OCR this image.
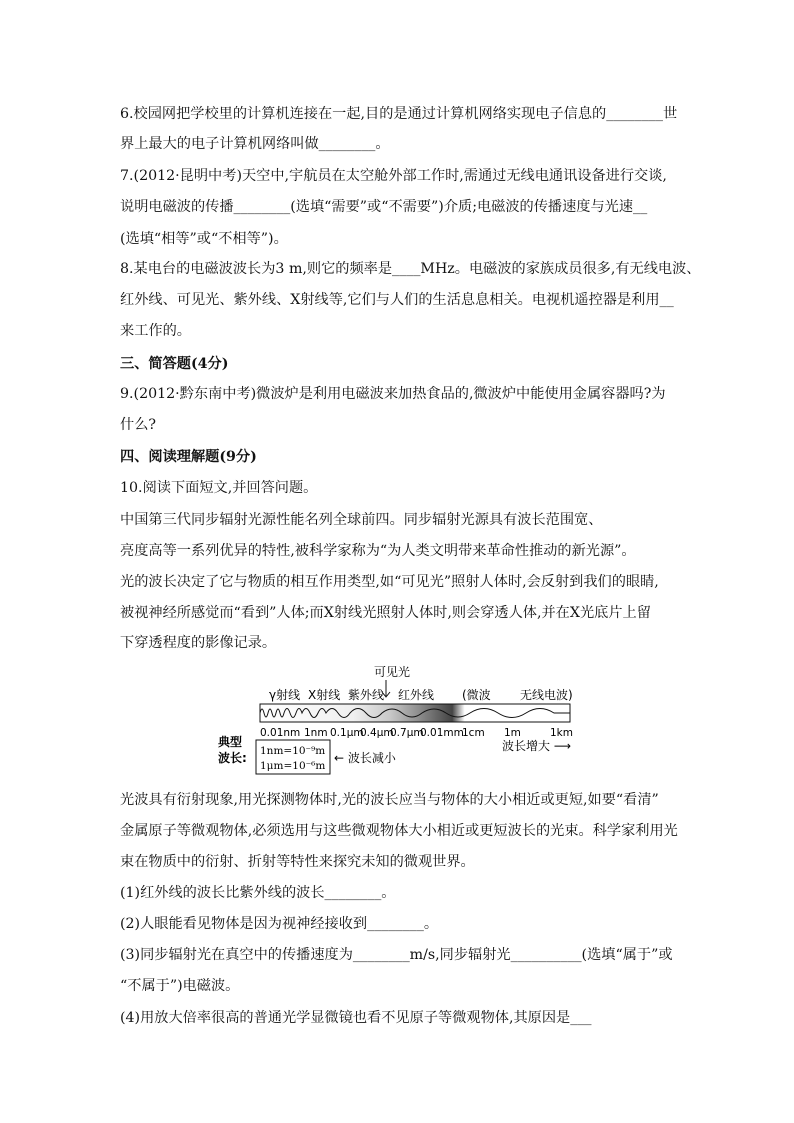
6.校园网把学校里的计算机连接在一起,目的是通过计算机网络实现电子信息的________世
界上最大的电子计算机网络叫做________。
7.(2012·昆明中考)天空中,宇航员在太空舱外部工作时,需通过无线电通讯设备进行交谈,
说明电磁波的传播________(选填“需要”或“不需要”)介质;电磁波的传播速度与光速__
(选填“相等”或“不相等”)。
8.某电台的电磁波波长为3 m,则它的频率是____MHz。电磁波的家族成员很多,有无线电波、
红外线、可见光、紫外线、X射线等,它们与人们的生活息息相关。电视机遥控器是利用__
来工作的。
三、简答题(4分)
9.(2012·黔东南中考)微波炉是利用电磁波来加热食品的,微波炉中能使用金属容器吗?为
什么?
四、阅读理解题(9分)
10.阅读下面短文,并回答问题。
中国第三代同步辐射光源性能名列全球前四。同步辐射光源具有波长范围宽、
亮度高等一系列优异的特性,被科学家称为“为人类文明带来革命性推动的新光源”。
光的波长决定了它与物质的相互作用类型,如“可见光”照射人体时,会反射到我们的眼睛,
被视神经所感觉而“看到”人体;而X射线光照射人体时,则会穿透人体,并在X光底片上留
下穿透程度的影像记录。
可见光
γ射线 X射线 紫外线 红外线 (微波 无线电波)
0.01nm 1nm 0.1μm
0.4μm
0.7μm
0.01mm
1cm 1m	1km
典型
波长: 1nm=10⁻⁹m
1μm=10⁻⁶m
← 波长减小
波长增大 ⟶
光波具有衍射现象,用光探测物体时,光的波长应当与物体的大小相近或更短,如要“看清”
金属原子等微观物体,必须选用与这些微观物体大小相近或更短波长的光束。科学家利用光
束在物质中的衍射、折射等特性来探究未知的微观世界。
(1)红外线的波长比紫外线的波长________。
(2)人眼能看见物体是因为视神经接收到________。
(3)同步辐射光在真空中的传播速度为________m/s,同步辐射光__________(选填“属于”或
“不属于”)电磁波。
(4)用放大倍率很高的普通光学显微镜也看不见原子等微观物体,其原因是___
